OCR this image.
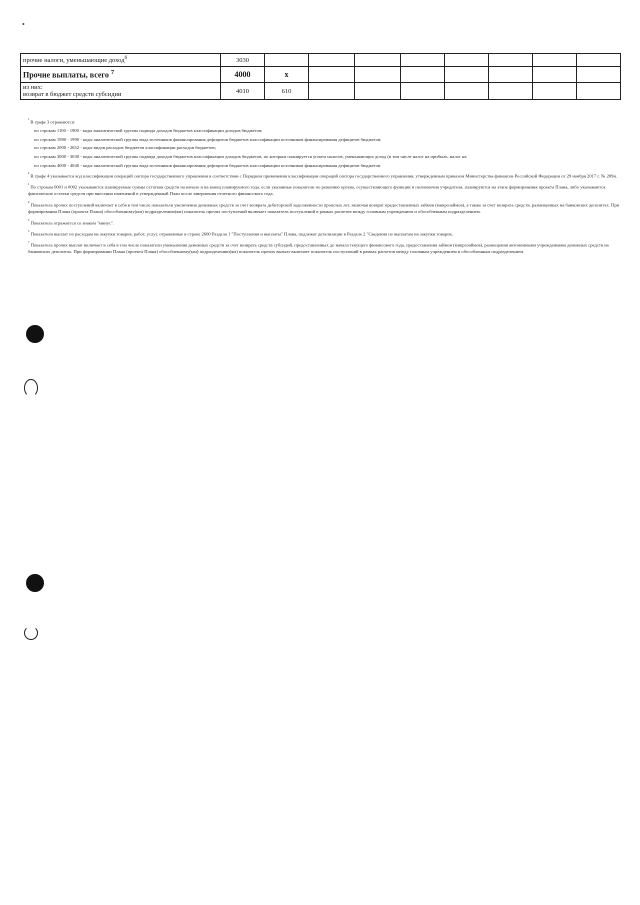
•
прочие налоги, уменьшающие доход$^6$	3030								
Прочие выплаты, всего $^7$	4000	х							
из них:
возврат в бюджет средств субсидии	4010	610							

$^{^1}$ В графе 3 отражаются:

по строкам 1100 - 1900 - коды аналитической группы подвида доходов бюджетов классификации доходов бюджетов;

по строкам 1980 - 1990 - коды аналитической группы вида источников финансирования дефицитов бюджетов классификации источников финансирования дефицитов бюджетов;

по строкам 2000 - 2652 - коды видов расходов бюджетов классификации расходов бюджетов;

по строкам 3000 - 3030 - коды аналитической группы подвида доходов бюджетов классификации доходов бюджетов, по которым планируется уплата налогов, уменьшающих доход (в том числе налог на прибыль, налог на

по строкам 4000 - 4040 - коды аналитической группы вида источников финансирования дефицитов бюджетов классификации источников финансирования дефицитов бюджетов.

$^{^2}$ В графе 4 указывается код классификации операций сектора государственного управления в соответствии с Порядком применения классификации операций сектора государственного управления, утвержденным приказом Министерства финансов Российской Федерации от 29 ноября 2017 г. № 209н.

$^{^3}$ По строкам 0001 и 0002 указываются планируемые суммы остатков средств на начало и на конец планируемого года, если указанные показатели по решению органа, осуществляющего функции и полномочия учредителя, планируются на этапе формирования проекта Плана, либо указываются фактические остатки средств при внесении изменений в утвержденный План после завершения отчетного финансового года.

$^{^4}$ Показатель прочих поступлений включает в себя в том числе показатели увеличения денежных средств за счет возврата дебиторской задолженности прошлых лет, включая возврат предоставленных займов (микрозаймов), а также за счет возврата средств, размещенных на банковских депозитах. При формировании Плана (проекта Плана) обособленному(ым) подразделению(ям) показатель прочих поступлений включает показатель поступлений в рамках расчетов между головным учреждением и обособленным подразделением.

$^{^5}$ Показатель отражается со знаком "минус".

$^{^6}$ Показатели выплат по расходам на закупки товаров, работ, услуг, отраженные в строке 2600 Раздела 1 "Поступления и выплаты" Плана, подлежат детализации в Разделе 2 "Сведения по выплатам на закупки товаров,

$^{^7}$ Показатель прочих выплат включает в себя в том числе показатели уменьшения денежных средств за счет возврата средств субсидий, предоставленных до начала текущего финансового года, предоставления займов (микрозаймов), размещения автономными учреждениями денежных средств на банковских депозитах. При формировании Плана (проекта Плана) обособленному(ым) подразделению(ям) показатель прочих выплат включает показатель поступлений в рамках расчетов между головным учреждением и обособленным подразделением.
